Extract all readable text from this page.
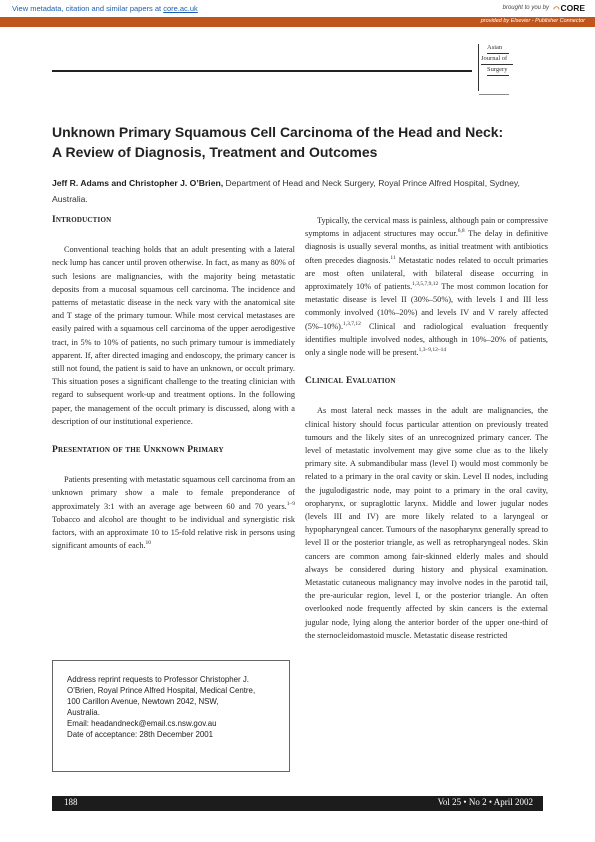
View metadata, citation and similar papers at core.ac.uk	brought to you by ◠CORE
provided by Elsevier - Publisher Connector
Asian
Journal of
Surgery
Unknown Primary Squamous Cell Carcinoma of the Head and Neck:
A Review of Diagnosis, Treatment and Outcomes
Jeff R. Adams and Christopher J. O’Brien, Department of Head and Neck Surgery, Royal Prince Alfred Hospital, Sydney, Australia.
Introduction

Conventional teaching holds that an adult presenting with a lateral neck lump has cancer until proven otherwise. In fact, as many as 80% of such lesions are malignancies, with the majority being metastatic deposits from a mucosal squamous cell carcinoma. The incidence and patterns of metastatic disease in the neck vary with the anatomical site and T stage of the primary tumour. While most cervical metastases are easily paired with a squamous cell carcinoma of the upper aerodigestive tract, in 5% to 10% of patients, no such primary tumour is immediately apparent. If, after directed imaging and endoscopy, the primary cancer is still not found, the patient is said to have an unknown, or occult primary. This situation poses a significant challenge to the treating clinician with regard to subsequent work-up and treatment options. In the following paper, the management of the occult primary is discussed, along with a description of our institutional experience.

Presentation of the Unknown Primary

Patients presenting with metastatic squamous cell carcinoma from an unknown primary show a male to female preponderance of approximately 3:1 with an average age between 60 and 70 years.$^{1-9}$ Tobacco and alcohol are thought to be individual and synergistic risk factors, with an approximate 10 to 15-fold relative risk in persons using significant amounts of each.$^{10}$

Typically, the cervical mass is painless, although pain or compressive symptoms in adjacent structures may occur.$^{6,8}$ The delay in definitive diagnosis is usually several months, as initial treatment with antibiotics often precedes diagnosis.$^{11}$ Metastatic nodes related to occult primaries are most often unilateral, with bilateral disease occurring in approximately 10% of patients.$^{1,3,5,7,9,12}$ The most common location for metastatic disease is level II (30%–50%), with levels I and III less commonly involved (10%–20%) and levels IV and V rarely affected (5%–10%).$^{1,3,7,12}$ Clinical and radiological evaluation frequently identifies multiple involved nodes, although in 10%–20% of patients, only a single node will be present.$^{1,3-9,12-14}$

Clinical Evaluation

As most lateral neck masses in the adult are malignancies, the clinical history should focus particular attention on previously treated tumours and the likely sites of an unrecognized primary cancer. The level of metastatic involvement may give some clue as to the likely primary site. A submandibular mass (level I) would most commonly be related to a primary in the oral cavity or skin. Level II nodes, including the jugulodigastric node, may point to a primary in the oral cavity, oropharynx, or supraglottic larynx. Middle and lower jugular nodes (levels III and IV) are more likely related to a laryngeal or hypopharyngeal cancer. Tumours of the nasopharynx generally spread to level II or the posterior triangle, as well as retropharyngeal nodes. Skin cancers are common among fair-skinned elderly males and should always be considered during history and physical examination. Metastatic cutaneous malignancy may involve nodes in the parotid tail, the pre-auricular region, level I, or the posterior triangle. An often overlooked node frequently affected by skin cancers is the external jugular node, lying along the anterior border of the upper one-third of the sternocleidomastoid muscle. Metastatic disease restricted

Address reprint requests to Professor Christopher J.
O’Brien, Royal Prince Alfred Hospital, Medical Centre,
100 Carillon Avenue, Newtown 2042, NSW,
Australia.
Email: headandneck@email.cs.nsw.gov.au
Date of acceptance: 28th December 2001
188	Vol 25 • No 2 • April 2002
